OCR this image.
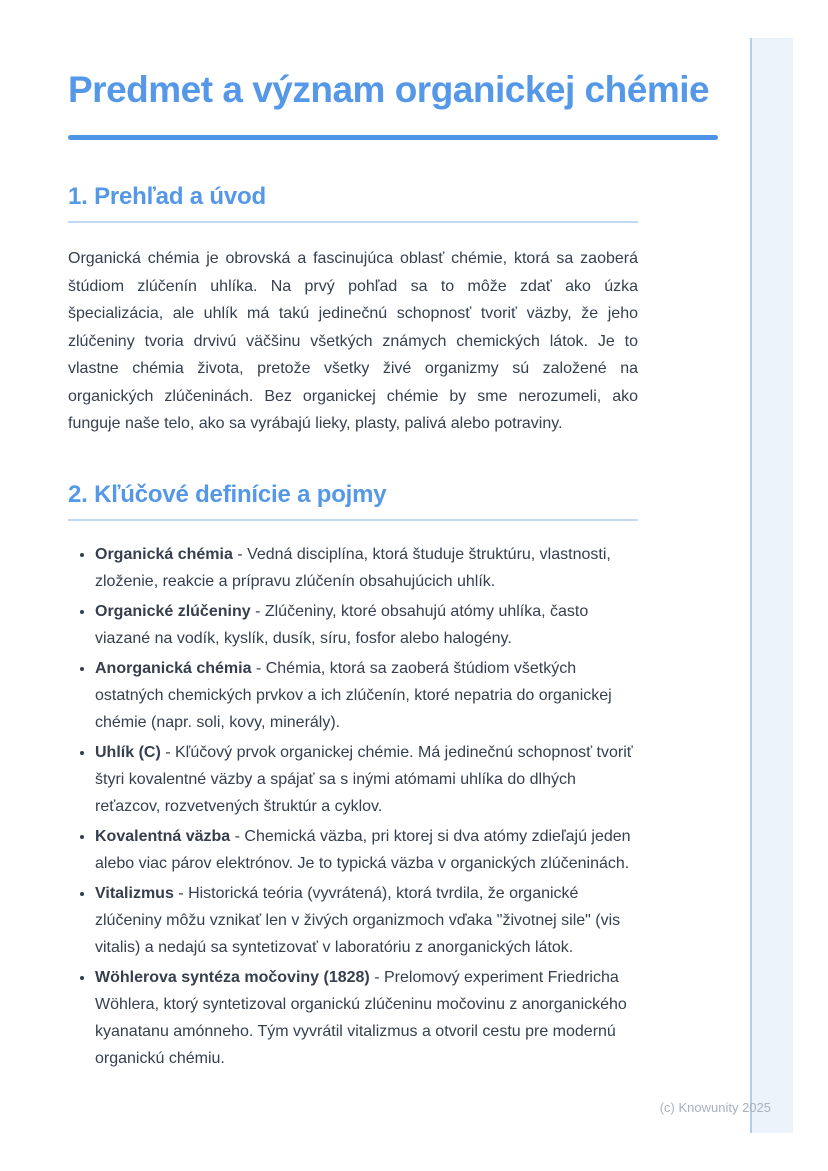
Predmet a význam organickej chémie
1. Prehľad a úvod

Organická chémia je obrovská a fascinujúca oblasť chémie, ktorá sa zaoberá štúdiom zlúčenín uhlíka. Na prvý pohľad sa to môže zdať ako úzka špecializácia, ale uhlík má takú jedinečnú schopnosť tvoriť väzby, že jeho zlúčeniny tvoria drvivú väčšinu všetkých známych chemických látok. Je to vlastne chémia života, pretože všetky živé organizmy sú založené na organických zlúčeninách. Bez organickej chémie by sme nerozumeli, ako funguje naše telo, ako sa vyrábajú lieky, plasty, palivá alebo potraviny.

2. Kľúčové definície a pojmy
• Organická chémia - Vedná disciplína, ktorá študuje štruktúru, vlastnosti, zloženie, reakcie a prípravu zlúčenín obsahujúcich uhlík.
• Organické zlúčeniny - Zlúčeniny, ktoré obsahujú atómy uhlíka, často viazané na vodík, kyslík, dusík, síru, fosfor alebo halogény.
• Anorganická chémia - Chémia, ktorá sa zaoberá štúdiom všetkých ostatných chemických prvkov a ich zlúčenín, ktoré nepatria do organickej chémie (napr. soli, kovy, minerály).
• Uhlík (C) - Kľúčový prvok organickej chémie. Má jedinečnú schopnosť tvoriť štyri kovalentné väzby a spájať sa s inými atómami uhlíka do dlhých reťazcov, rozvetvených štruktúr a cyklov.
• Kovalentná väzba - Chemická väzba, pri ktorej si dva atómy zdieľajú jeden alebo viac párov elektrónov. Je to typická väzba v organických zlúčeninách.
• Vitalizmus - Historická teória (vyvrátená), ktorá tvrdila, že organické zlúčeniny môžu vznikať len v živých organizmoch vďaka "životnej sile" (vis vitalis) a nedajú sa syntetizovať v laboratóriu z anorganických látok.
• Wöhlerova syntéza močoviny (1828) - Prelomový experiment Friedricha Wöhlera, ktorý syntetizoval organickú zlúčeninu močovinu z anorganického kyanatanu amónneho. Tým vyvrátil vitalizmus a otvoril cestu pre modernú organickú chémiu.
(c) Knowunity 2025
